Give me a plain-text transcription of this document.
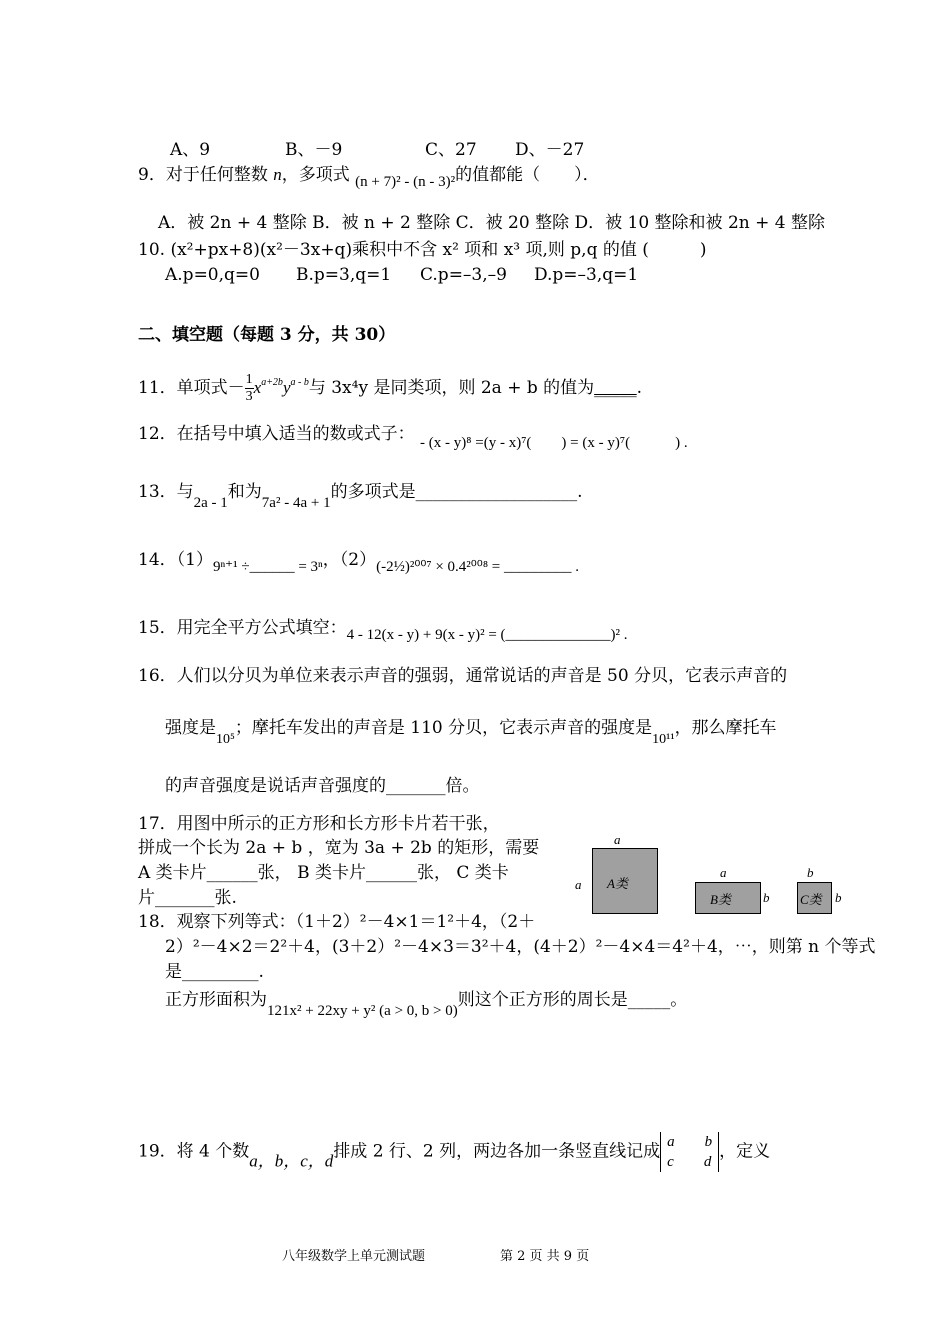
A、9	B、－9	C、27 D、－27
9．对于任何整数 n，多项式 (n + 7)² - (n - 3)²的值都能（　　）．
A．被 2n + 4 整除 B．被 n + 2 整除 C．被 20 整除 D．被 10 整除和被 2n + 4 整除
10. (x²+px+8)(x²－3x+q)乘积中不含 x² 项和 x³ 项,则 p,q 的值 (　　　)
A.p=0,q=0 B.p=3,q=1 C.p=–3,–9 D.p=–3,q=1
二、填空题（每题 3 分，共 30）
11．单项式－ $\frac{1}{3} x^{a+2b}y^{a - b}$与 3x⁴y 是同类项，则 2a + b 的值为_____.
12．在括号中填入适当的数或式子： - (x - y)⁸ =(y - x)⁷(　　) = (x - y)⁷(　　　) .
13．与2a - 1和为7a² - 4a + 1的多项式是___________________.
14．（1）9ⁿ⁺¹ ÷______ = 3ⁿ，（2）(-2½)²⁰⁰⁷ × 0.4²⁰⁰⁸ = _________ .
15．用完全平方公式填空：4 - 12(x - y) + 9(x - y)² = (______________)² .
16．人们以分贝为单位来表示声音的强弱，通常说话的声音是 50 分贝，它表示声音的
强度是$_{10^5}$；摩托车发出的声音是 110 分贝，它表示声音的强度是$_{10^{11}}$，那么摩托车
的声音强度是说话声音强度的_______倍。
17．用图中所示的正方形和长方形卡片若干张，
拼成一个长为 2a + b ，宽为 3a + 2b 的矩形，需要
A 类卡片______张， B 类卡片______张， C 类卡
片_______张.
a
a A类
a
B类 b
b
C类 b
18．观察下列等式：（1＋2）²－4×1＝1²＋4，（2＋
2）²－4×2＝2²＋4，(3＋2）²－4×3＝3²＋4，(4＋2）²－4×4＝4²＋4，⋯，则第 n 个等式
是_________.
正方形面积为121x² + 22xy + y² (a > 0, b > 0)则这个正方形的周长是_____。
19．将 4 个数a，b，c，d排成 2 行、2 列，两边各加一条竖直线记成 a　　b
c　　d
，定义
八年级数学上单元测试题	第 2 页 共 9 页
